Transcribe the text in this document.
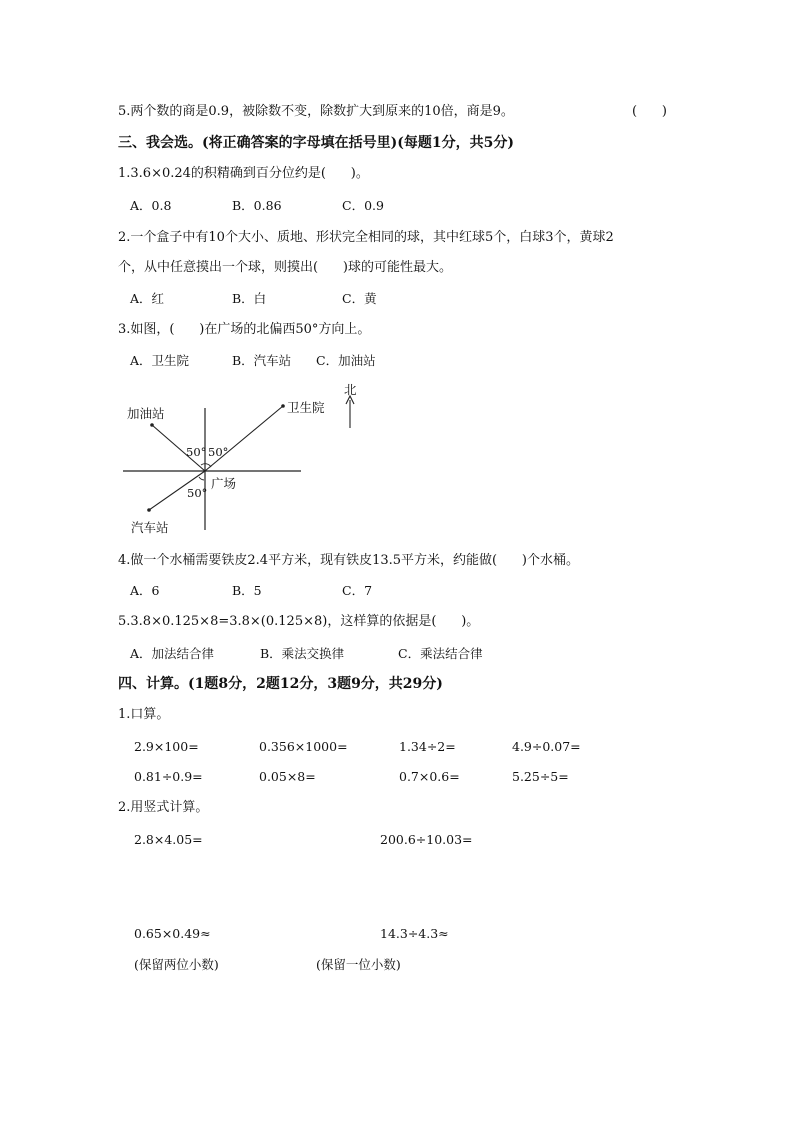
5.两个数的商是0.9，被除数不变，除数扩大到原来的10倍，商是9。	(      )
三、我会选。(将正确答案的字母填在括号里)(每题1分，共5分)
1.3.6×0.24的积精确到百分位约是(      )。
A．0.8	B．0.86	C．0.9
2.一个盒子中有10个大小、质地、形状完全相同的球，其中红球5个，白球3个，黄球2
个，从中任意摸出一个球，则摸出(      )球的可能性最大。
A．红	B．白	C．黄
3.如图，(      )在广场的北偏西50°方向上。
A．卫生院	B．汽车站 C．加油站
加油站	卫生院
汽车站
广场
50° 50°
50°
北
4.做一个水桶需要铁皮2.4平方米，现有铁皮13.5平方米，约能做(      )个水桶。
A．6	B．5	C．7
5.3.8×0.125×8=3.8×(0.125×8)，这样算的依据是(      )。
A．加法结合律	B．乘法交换律	C．乘法结合律
四、计算。(1题8分，2题12分，3题9分，共29分)
1.口算。
2.9×100=	0.356×1000=	1.34÷2=	4.9÷0.07=
0.81÷0.9=	0.05×8=	0.7×0.6=	5.25÷5=
2.用竖式计算。
2.8×4.05=	200.6÷10.03=
0.65×0.49≈	14.3÷4.3≈
(保留两位小数)	(保留一位小数)
